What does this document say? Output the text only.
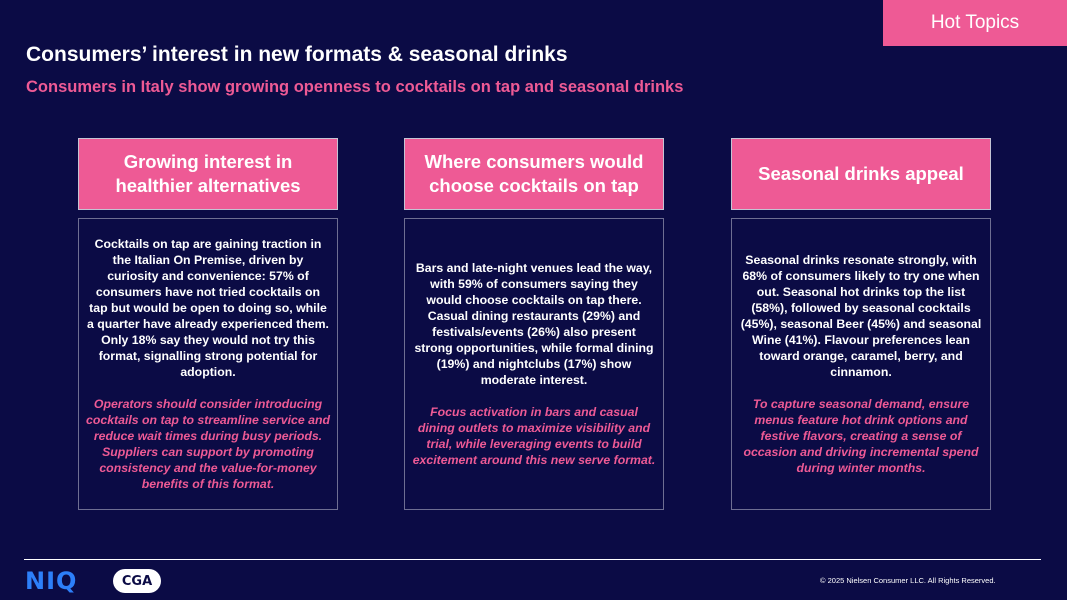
Hot Topics
Consumers’ interest in new formats & seasonal drinks
Consumers in Italy show growing openness to cocktails on tap and seasonal drinks
Growing interest in healthier alternatives
Cocktails on tap are gaining traction in the Italian On Premise, driven by curiosity and convenience: 57% of consumers have not tried cocktails on tap but would be open to doing so, while a quarter have already experienced them. Only 18% say they would not try this format, signalling strong potential for adoption.
Operators should consider introducing cocktails on tap to streamline service and reduce wait times during busy periods. Suppliers can support by promoting consistency and the value-for-money benefits of this format.
Where consumers would choose cocktails on tap
Bars and late-night venues lead the way, with 59% of consumers saying they would choose cocktails on tap there. Casual dining restaurants (29%) and festivals/events (26%) also present strong opportunities, while formal dining (19%) and nightclubs (17%) show moderate interest.
Focus activation in bars and casual dining outlets to maximize visibility and trial, while leveraging events to build excitement around this new serve format.
Seasonal drinks appeal
Seasonal drinks resonate strongly, with 68% of consumers likely to try one when out. Seasonal hot drinks top the list (58%), followed by seasonal cocktails (45%), seasonal Beer (45%) and seasonal Wine (41%). Flavour preferences lean toward orange, caramel, berry, and cinnamon.
To capture seasonal demand, ensure menus feature hot drink options and festive flavors, creating a sense of occasion and driving incremental spend during winter months.
NIQ	CGA	© 2025 Nielsen Consumer LLC. All Rights Reserved.
